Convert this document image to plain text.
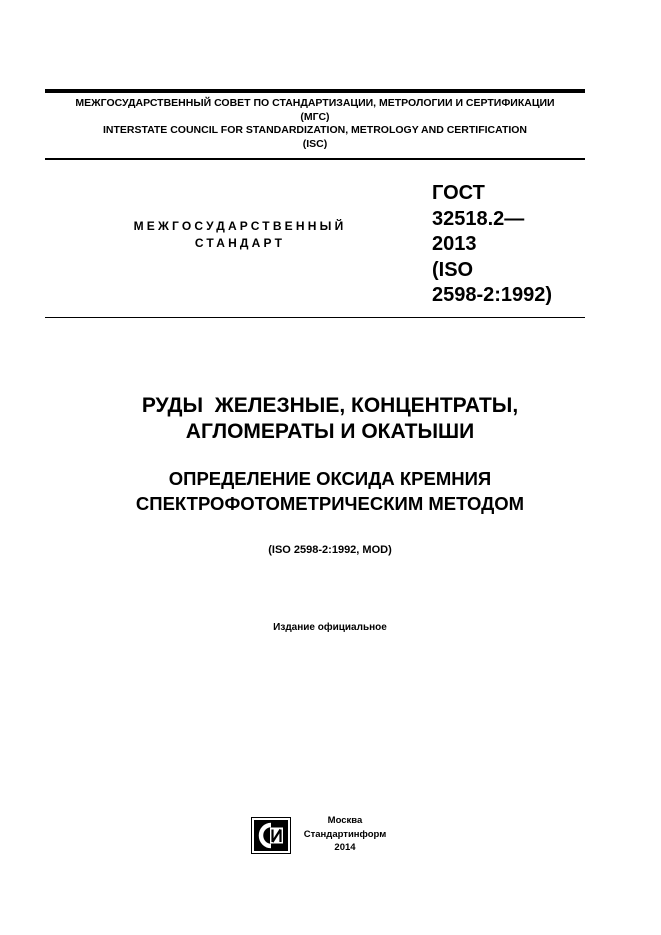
МЕЖГОСУДАРСТВЕННЫЙ СОВЕТ ПО СТАНДАРТИЗАЦИИ, МЕТРОЛОГИИ И СЕРТИФИКАЦИИ
(МГС)
INTERSTATE COUNCIL FOR STANDARDIZATION, METROLOGY AND CERTIFICATION
(ISC)
МЕЖГОСУДАРСТВЕННЫЙ
СТАНДАРТ
ГОСТ
32518.2—
2013
(ISO
2598-2:1992)
РУДЫ  ЖЕЛЕЗНЫЕ, КОНЦЕНТРАТЫ,
АГЛОМЕРАТЫ И ОКАТЫШИ
ОПРЕДЕЛЕНИЕ ОКСИДА КРЕМНИЯ
СПЕКТРОФОТОМЕТРИЧЕСКИМ МЕТОДОМ
(ISO 2598-2:1992, MOD)
Издание официальное
Москва
Стандартинформ
2014
